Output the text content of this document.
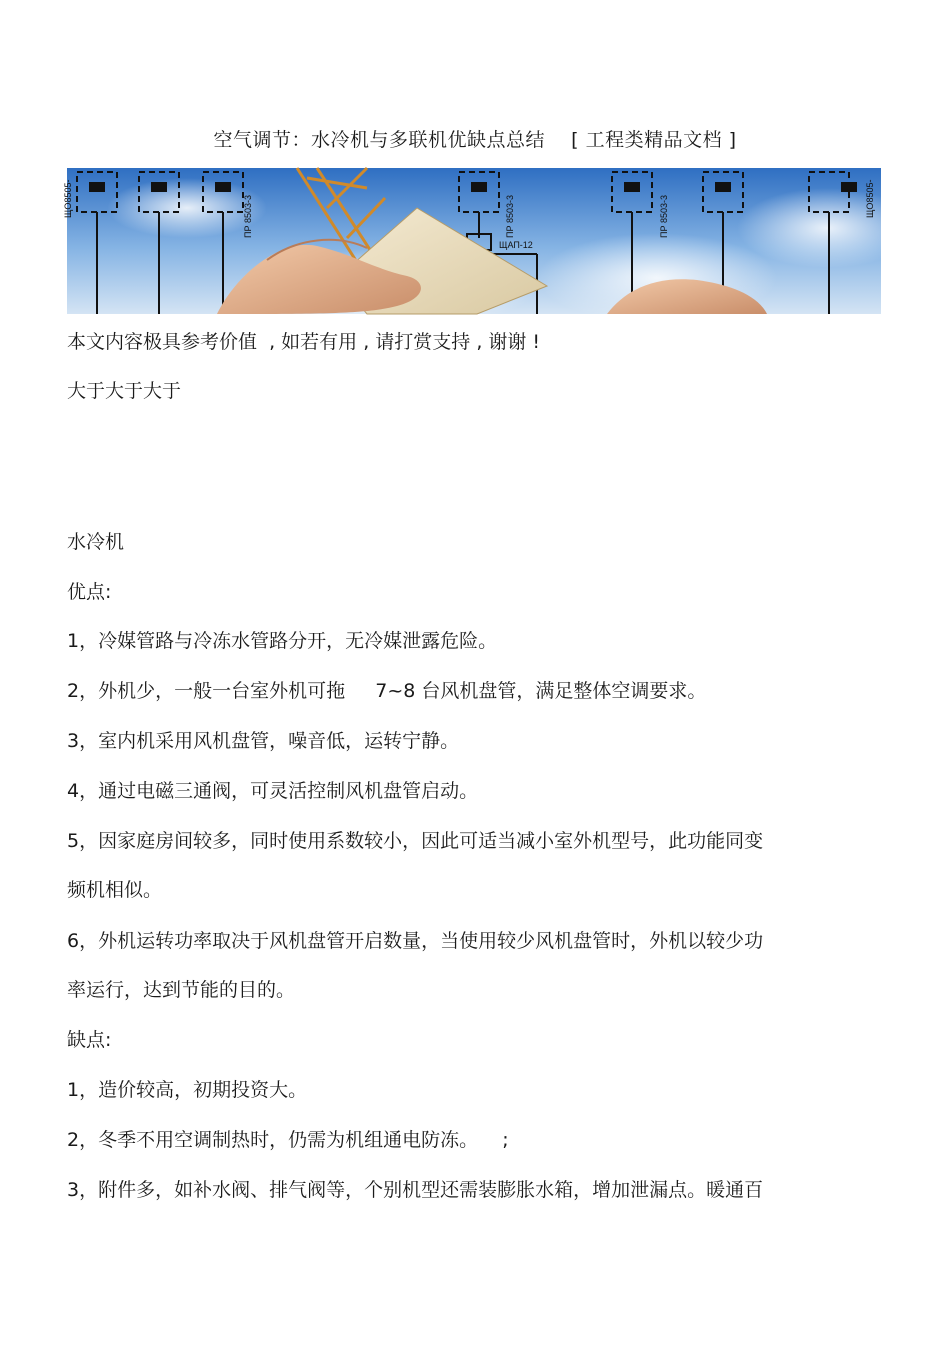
空气调节：水冷机与多联机优缺点总结    [ 工程类精品文档 ]
ЩО8505-	ПР 8503-3
ЩАП-12
ПР 8503-3	ПР 8503-3	ЩО8505-
本文内容极具参考价值  , 如若有用 , 请打赏支持 , 谢谢 !
大于大于大于
水冷机
优点:
1，冷媒管路与冷冻水管路分开，无冷媒泄露危险。
2，外机少，一般一台室外机可拖     7~8 台风机盘管，满足整体空调要求。
3，室内机采用风机盘管，噪音低，运转宁静。
4，通过电磁三通阀，可灵活控制风机盘管启动。
5，因家庭房间较多，同时使用系数较小，因此可适当减小室外机型号，此功能同变
频机相似。
6，外机运转功率取决于风机盘管开启数量，当使用较少风机盘管时，外机以较少功
率运行，达到节能的目的。
缺点:
1，造价较高，初期投资大。
2，冬季不用空调制热时，仍需为机组通电防冻。    ;
3，附件多，如补水阀、排气阀等，个别机型还需装膨胀水箱，增加泄漏点。暖通百
